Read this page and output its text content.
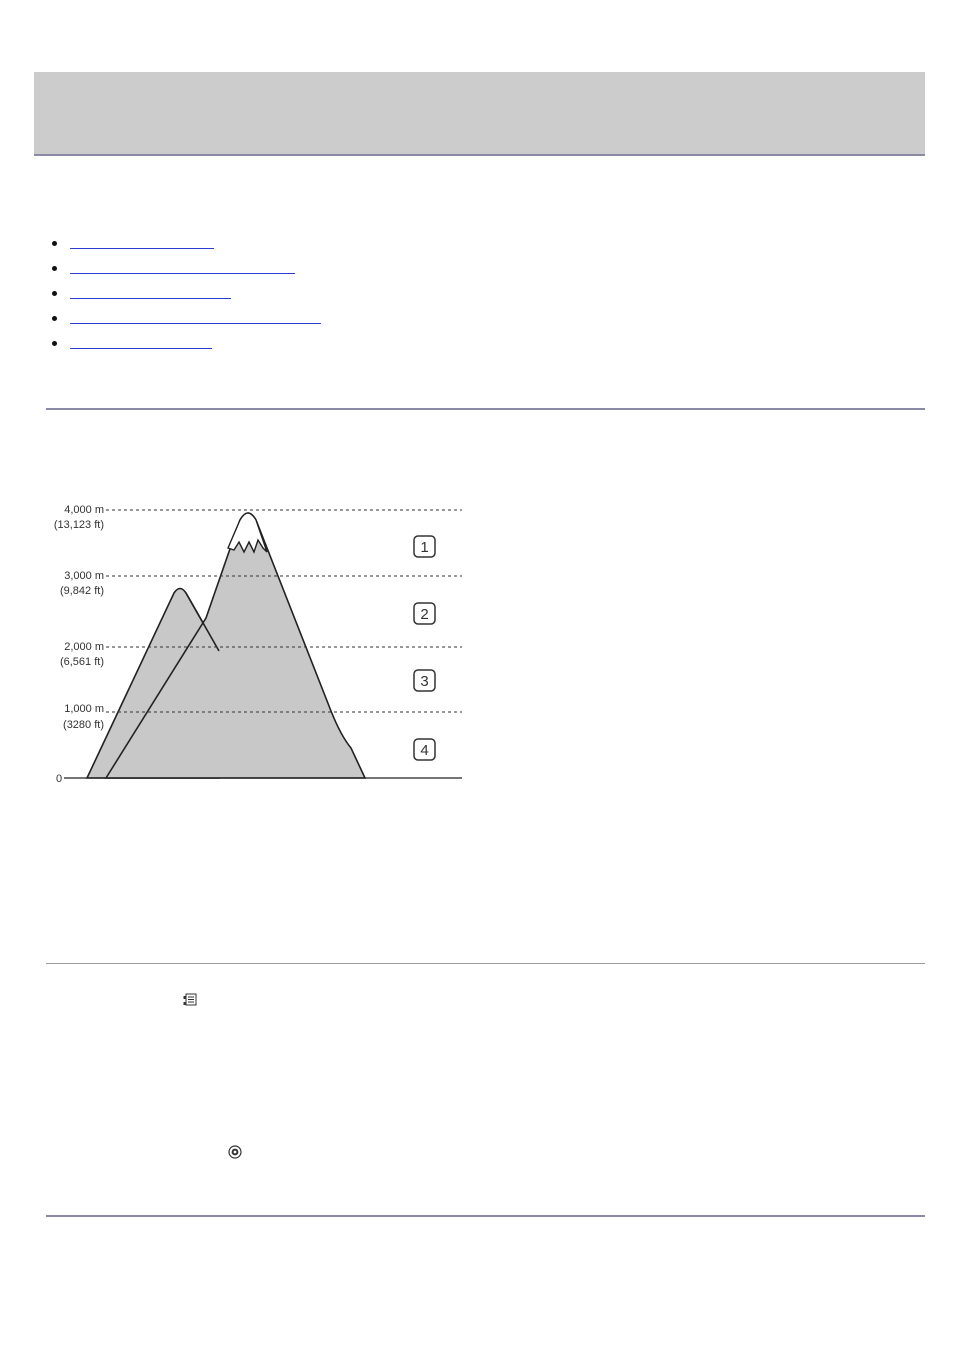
4,000 m
(13,123 ft)
3,000 m
(9,842 ft)
2,000 m
(6,561 ft)
1,000 m
(3280 ft)
0
1
2
3
4
